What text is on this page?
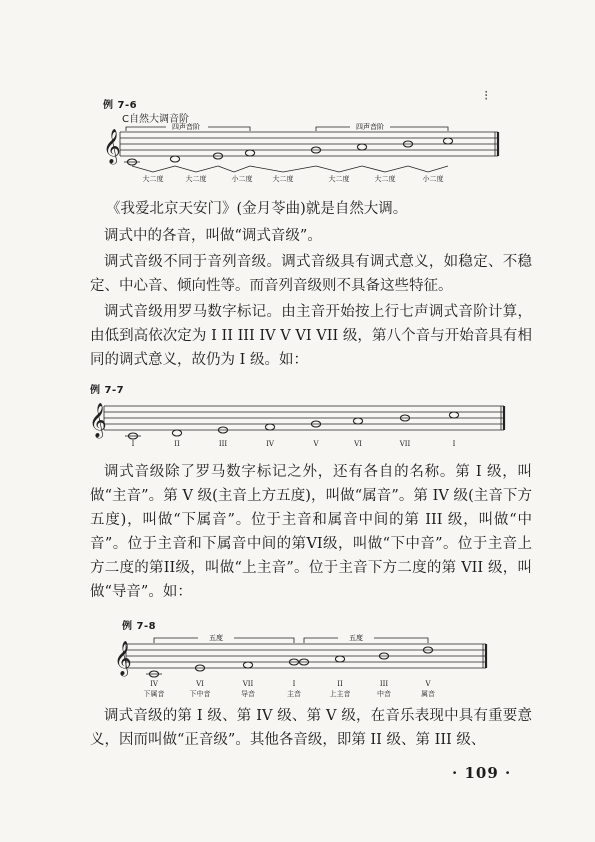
⁝
例 7-6
C自然大调音阶
𝄞
四声音阶	四声音阶
大二度	大二度	小二度	大二度	大二度	大二度	小二度

《我爱北京天安门》(金月苓曲)就是自然大调。

调式中的各音，叫做“调式音级”。

调式音级不同于音列音级。调式音级具有调式意义，如稳定、不稳定、中心音、倾向性等。而音列音级则不具备这些特征。

调式音级用罗马数字标记。由主音开始按上行七声调式音阶计算，由低到高依次定为 I II III IV V VI VII 级，第八个音与开始音具有相同的调式意义，故仍为 I 级。如：

例 7-7
𝄞
I	II	III	IV	V	VI	VII	I

调式音级除了罗马数字标记之外，还有各自的名称。第 I 级，叫做“主音”。第 V 级(主音上方五度)，叫做“属音”。第 IV 级(主音下方五度)，叫做“下属音”。位于主音和属音中间的第 III 级，叫做“中音”。位于主音和下属音中间的第VI级，叫做“下中音”。位于主音上方二度的第II级，叫做“上主音”。位于主音下方二度的第 VII 级，叫做“导音”。如：

例 7-8
𝄞
五度	五度
IV	VI	VII	I	II	III	V
下属音	下中音	导音	主音	上主音	中音	属音

调式音级的第 I 级、第 IV 级、第 V 级，在音乐表现中具有重要意义，因而叫做“正音级”。其他各音级，即第 II 级、第 III 级、

· 109 ·
